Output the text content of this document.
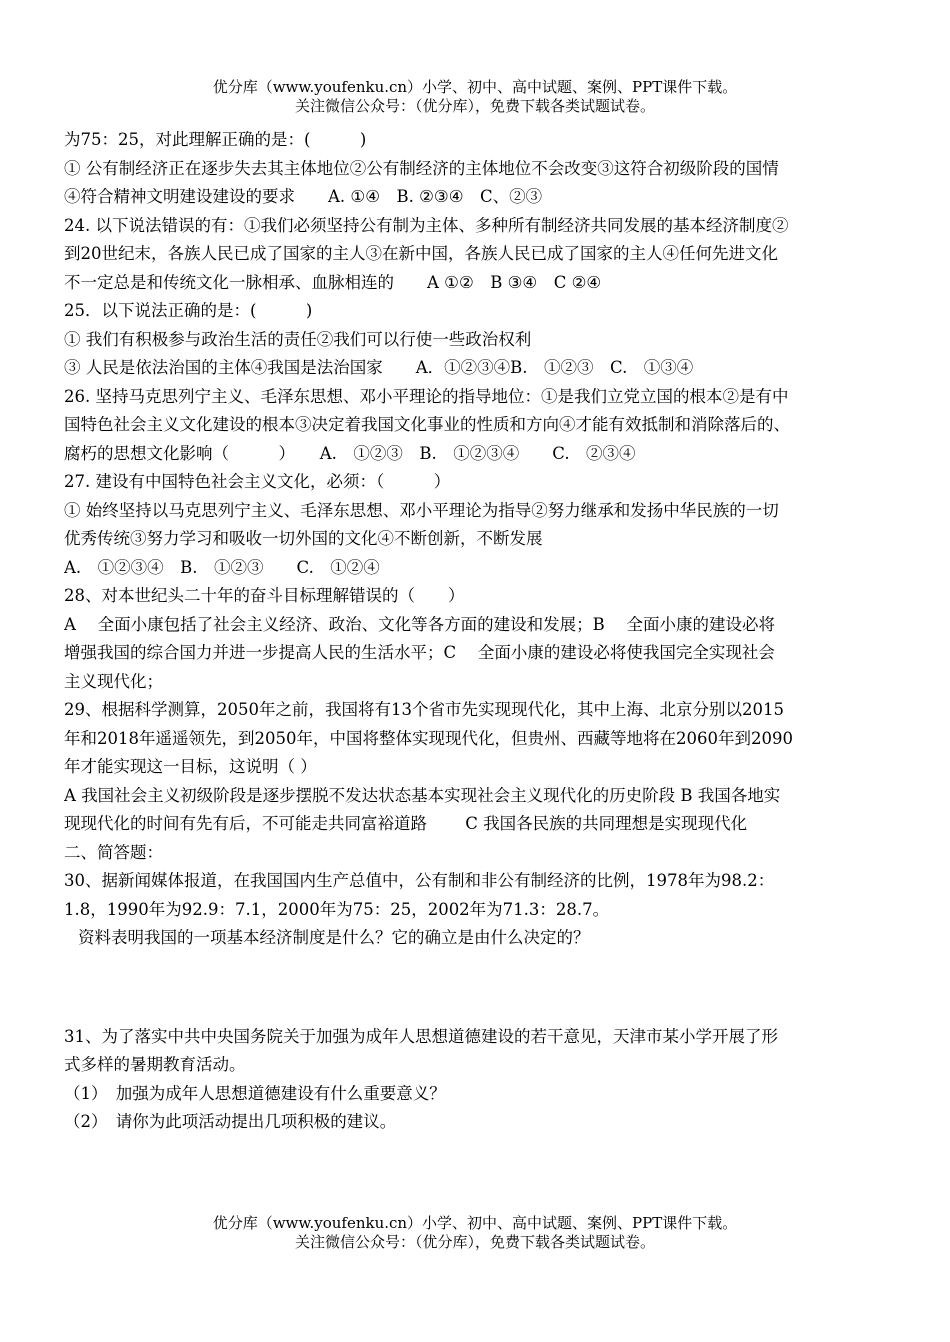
优分库（www.youfenku.cn）小学、初中、高中试题、案例、PPT课件下载。
关注微信公众号：（优分库），免费下载各类试题试卷。
为75：25，对此理解正确的是：(　　　)
① 公有制经济正在逐步失去其主体地位②公有制经济的主体地位不会改变③这符合初级阶段的国情
④符合精神文明建设建设的要求　　A. ①④　B. ②③④　C、②③
24. 以下说法错误的有：①我们必须坚持公有制为主体、多种所有制经济共同发展的基本经济制度②
到20世纪末，各族人民已成了国家的主人③在新中国，各族人民已成了国家的主人④任何先进文化
不一定总是和传统文化一脉相承、血脉相连的　　A ①②　B ③④　C ②④
25．以下说法正确的是：(　　　)
① 我们有积极参与政治生活的责任②我们可以行使一些政治权利
③ 人民是依法治国的主体④我国是法治国家　　A．①②③④B.　①②③　C.　①③④
26. 坚持马克思列宁主义、毛泽东思想、邓小平理论的指导地位：①是我们立党立国的根本②是有中
国特色社会主义文化建设的根本③决定着我国文化事业的性质和方向④才能有效抵制和消除落后的、
腐朽的思想文化影响（　　　）　　A.　①②③　B.　①②③④　　C.　②③④
27. 建设有中国特色社会主义文化，必须：（　　　）
① 始终坚持以马克思列宁主义、毛泽东思想、邓小平理论为指导②努力继承和发扬中华民族的一切
优秀传统③努力学习和吸收一切外国的文化④不断创新，不断发展
A.　①②③④　B.　①②③　　C.　①②④
28、对本世纪头二十年的奋斗目标理解错误的（　　）
A　 全面小康包括了社会主义经济、政治、文化等各方面的建设和发展；B　 全面小康的建设必将
增强我国的综合国力并进一步提高人民的生活水平；C　 全面小康的建设必将使我国完全实现社会
主义现代化；
29、根据科学测算，2050年之前，我国将有13个省市先实现现代化，其中上海、北京分别以2015
年和2018年遥遥领先，到2050年，中国将整体实现现代化，但贵州、西藏等地将在2060年到2090
年才能实现这一目标，这说明（ ）
A 我国社会主义初级阶段是逐步摆脱不发达状态基本实现社会主义现代化的历史阶段 B 我国各地实
现现代化的时间有先有后，不可能走共同富裕道路　　 C 我国各民族的共同理想是实现现代化
二、简答题：
30、据新闻媒体报道，在我国国内生产总值中，公有制和非公有制经济的比例，1978年为98.2：
1.8，1990年为92.9：7.1，2000年为75：25，2002年为71.3：28.7。
资料表明我国的一项基本经济制度是什么？它的确立是由什么决定的？
31、为了落实中共中央国务院关于加强为成年人思想道德建设的若干意见，天津市某小学开展了形
式多样的暑期教育活动。
（1）　加强为成年人思想道德建设有什么重要意义？
（2）　请你为此项活动提出几项积极的建议。
优分库（www.youfenku.cn）小学、初中、高中试题、案例、PPT课件下载。
关注微信公众号：（优分库），免费下载各类试题试卷。
